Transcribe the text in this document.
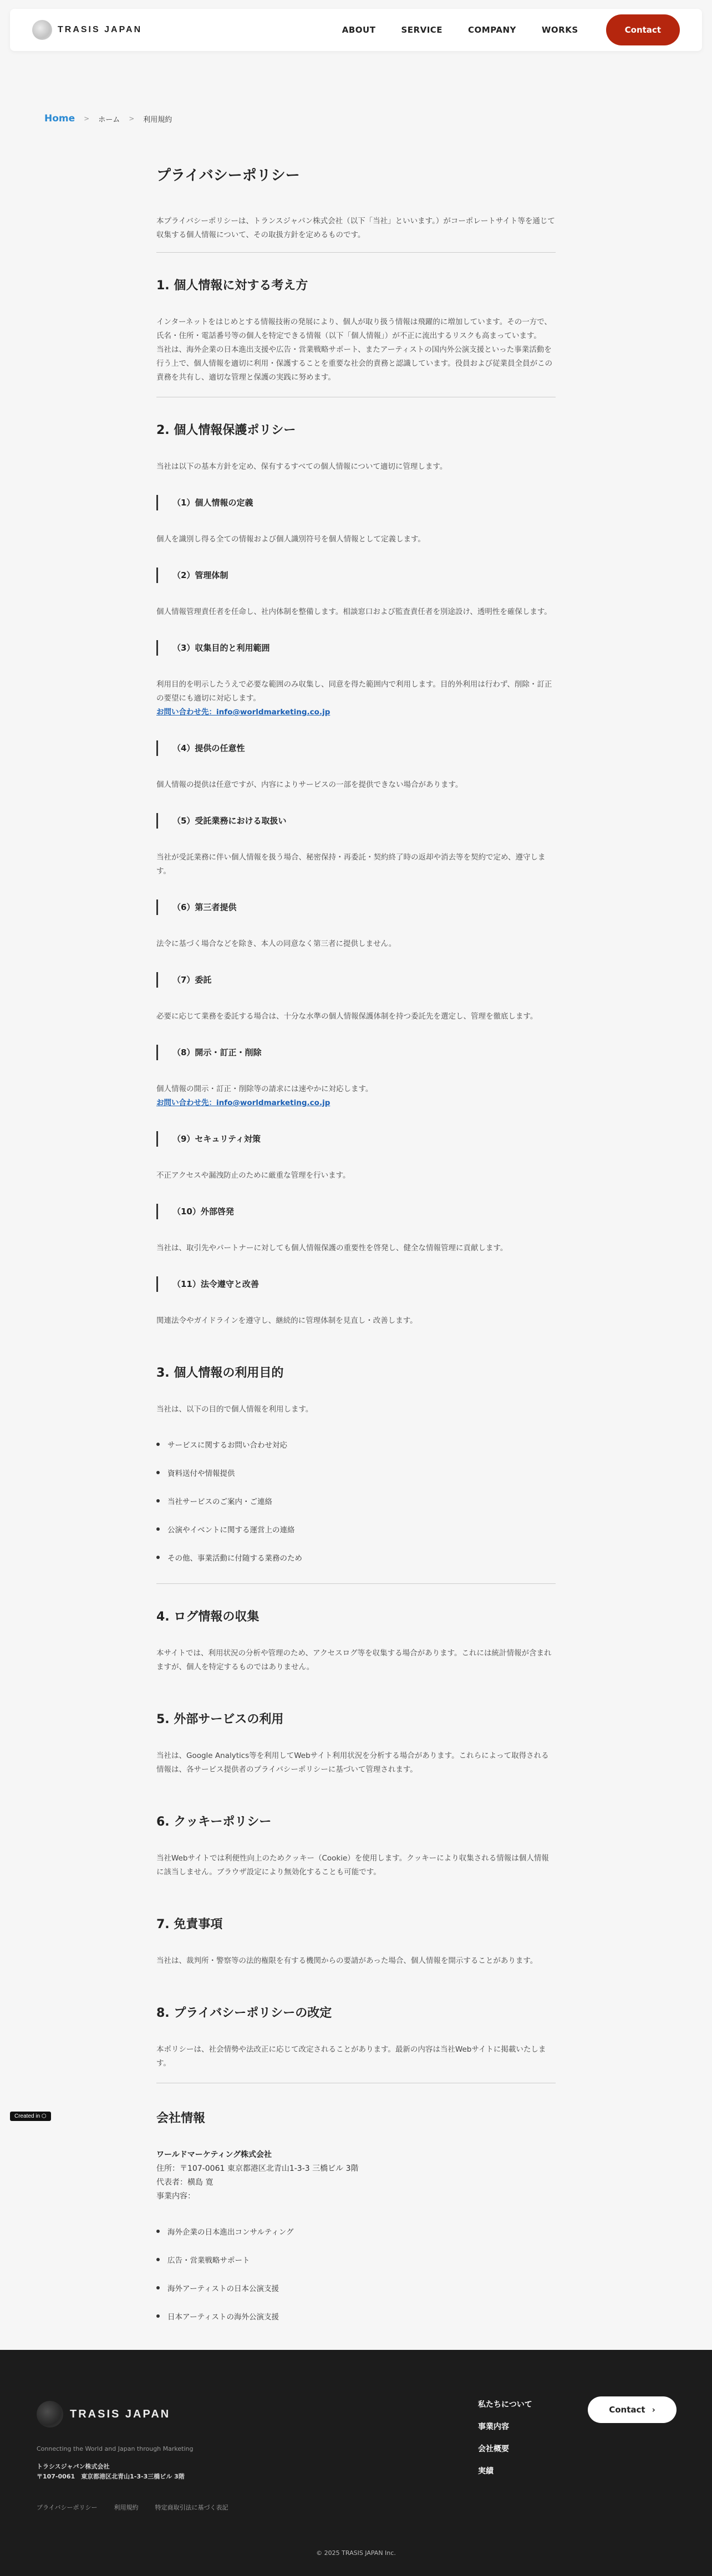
TRASIS JAPAN	ABOUT	SERVICE	COMPANY	WORKS	Contact
Home > ホーム > 利用規約
プライバシーポリシー

本プライバシーポリシーは、トランスジャパン株式会社（以下「当社」といいます。）がコーポレートサイト等を通じて収集する個人情報について、その取扱方針を定めるものです。

1. 個人情報に対する考え方

インターネットをはじめとする情報技術の発展により、個人が取り扱う情報は飛躍的に増加しています。その一方で、氏名・住所・電話番号等の個人を特定できる情報（以下「個人情報」）が不正に流出するリスクも高まっています。

当社は、海外企業の日本進出支援や広告・営業戦略サポート、またアーティストの国内外公演支援といった事業活動を行う上で、個人情報を適切に利用・保護することを重要な社会的責務と認識しています。役員および従業員全員がこの責務を共有し、適切な管理と保護の実践に努めます。

2. 個人情報保護ポリシー

当社は以下の基本方針を定め、保有するすべての個人情報について適切に管理します。

（1）個人情報の定義

個人を識別し得る全ての情報および個人識別符号を個人情報として定義します。

（2）管理体制

個人情報管理責任者を任命し、社内体制を整備します。相談窓口および監査責任者を別途設け、透明性を確保します。

（3）収集目的と利用範囲

利用目的を明示したうえで必要な範囲のみ収集し、同意を得た範囲内で利用します。目的外利用は行わず、削除・訂正の要望にも適切に対応します。

お問い合わせ先：info@worldmarketing.co.jp
（4）提供の任意性

個人情報の提供は任意ですが、内容によりサービスの一部を提供できない場合があります。

（5）受託業務における取扱い

当社が受託業務に伴い個人情報を扱う場合、秘密保持・再委託・契約終了時の返却や消去等を契約で定め、遵守します。

（6）第三者提供

法令に基づく場合などを除き、本人の同意なく第三者に提供しません。

（7）委託

必要に応じて業務を委託する場合は、十分な水準の個人情報保護体制を持つ委託先を選定し、管理を徹底します。

（8）開示・訂正・削除

個人情報の開示・訂正・削除等の請求には速やかに対応します。

お問い合わせ先：info@worldmarketing.co.jp
（9）セキュリティ対策

不正アクセスや漏洩防止のために厳重な管理を行います。

（10）外部啓発

当社は、取引先やパートナーに対しても個人情報保護の重要性を啓発し、健全な情報管理に貢献します。

（11）法令遵守と改善

関連法令やガイドラインを遵守し、継続的に管理体制を見直し・改善します。

3. 個人情報の利用目的

当社は、以下の目的で個人情報を利用します。

サービスに関するお問い合わせ対応
資料送付や情報提供
当社サービスのご案内・ご連絡
公演やイベントに関する運営上の連絡
その他、事業活動に付随する業務のため
4. ログ情報の収集

本サイトでは、利用状況の分析や管理のため、アクセスログ等を収集する場合があります。これには統計情報が含まれますが、個人を特定するものではありません。

5. 外部サービスの利用

当社は、Google Analytics等を利用してWebサイト利用状況を分析する場合があります。これらによって取得される情報は、各サービス提供者のプライバシーポリシーに基づいて管理されます。

6. クッキーポリシー

当社Webサイトでは利便性向上のためクッキー（Cookie）を使用します。クッキーにより収集される情報は個人情報に該当しません。ブラウザ設定により無効化することも可能です。

7. 免責事項

当社は、裁判所・警察等の法的権限を有する機関からの要請があった場合、個人情報を開示することがあります。

8. プライバシーポリシーの改定

本ポリシーは、社会情勢や法改正に応じて改定されることがあります。最新の内容は当社Webサイトに掲載いたします。

会社情報

ワールドマーケティング株式会社

住所：〒107-0061 東京都港区北青山1-3-3 三橋ビル 3階

代表者：横島 寛

事業内容：

海外企業の日本進出コンサルティング
広告・営業戦略サポート
海外アーティストの日本公演支援
日本アーティストの海外公演支援
Created in ⬡
TRASIS JAPAN
Connecting the World and Japan through Marketing
トラシスジャパン株式会社
〒107-0061　東京都港区北青山1-3-3三橋ビル 3階
プライバシーポリシー	利用規約	特定商取引法に基づく表記
私たちについて
事業内容
会社概要
実績
Contact ›
© 2025 TRASIS JAPAN Inc.
